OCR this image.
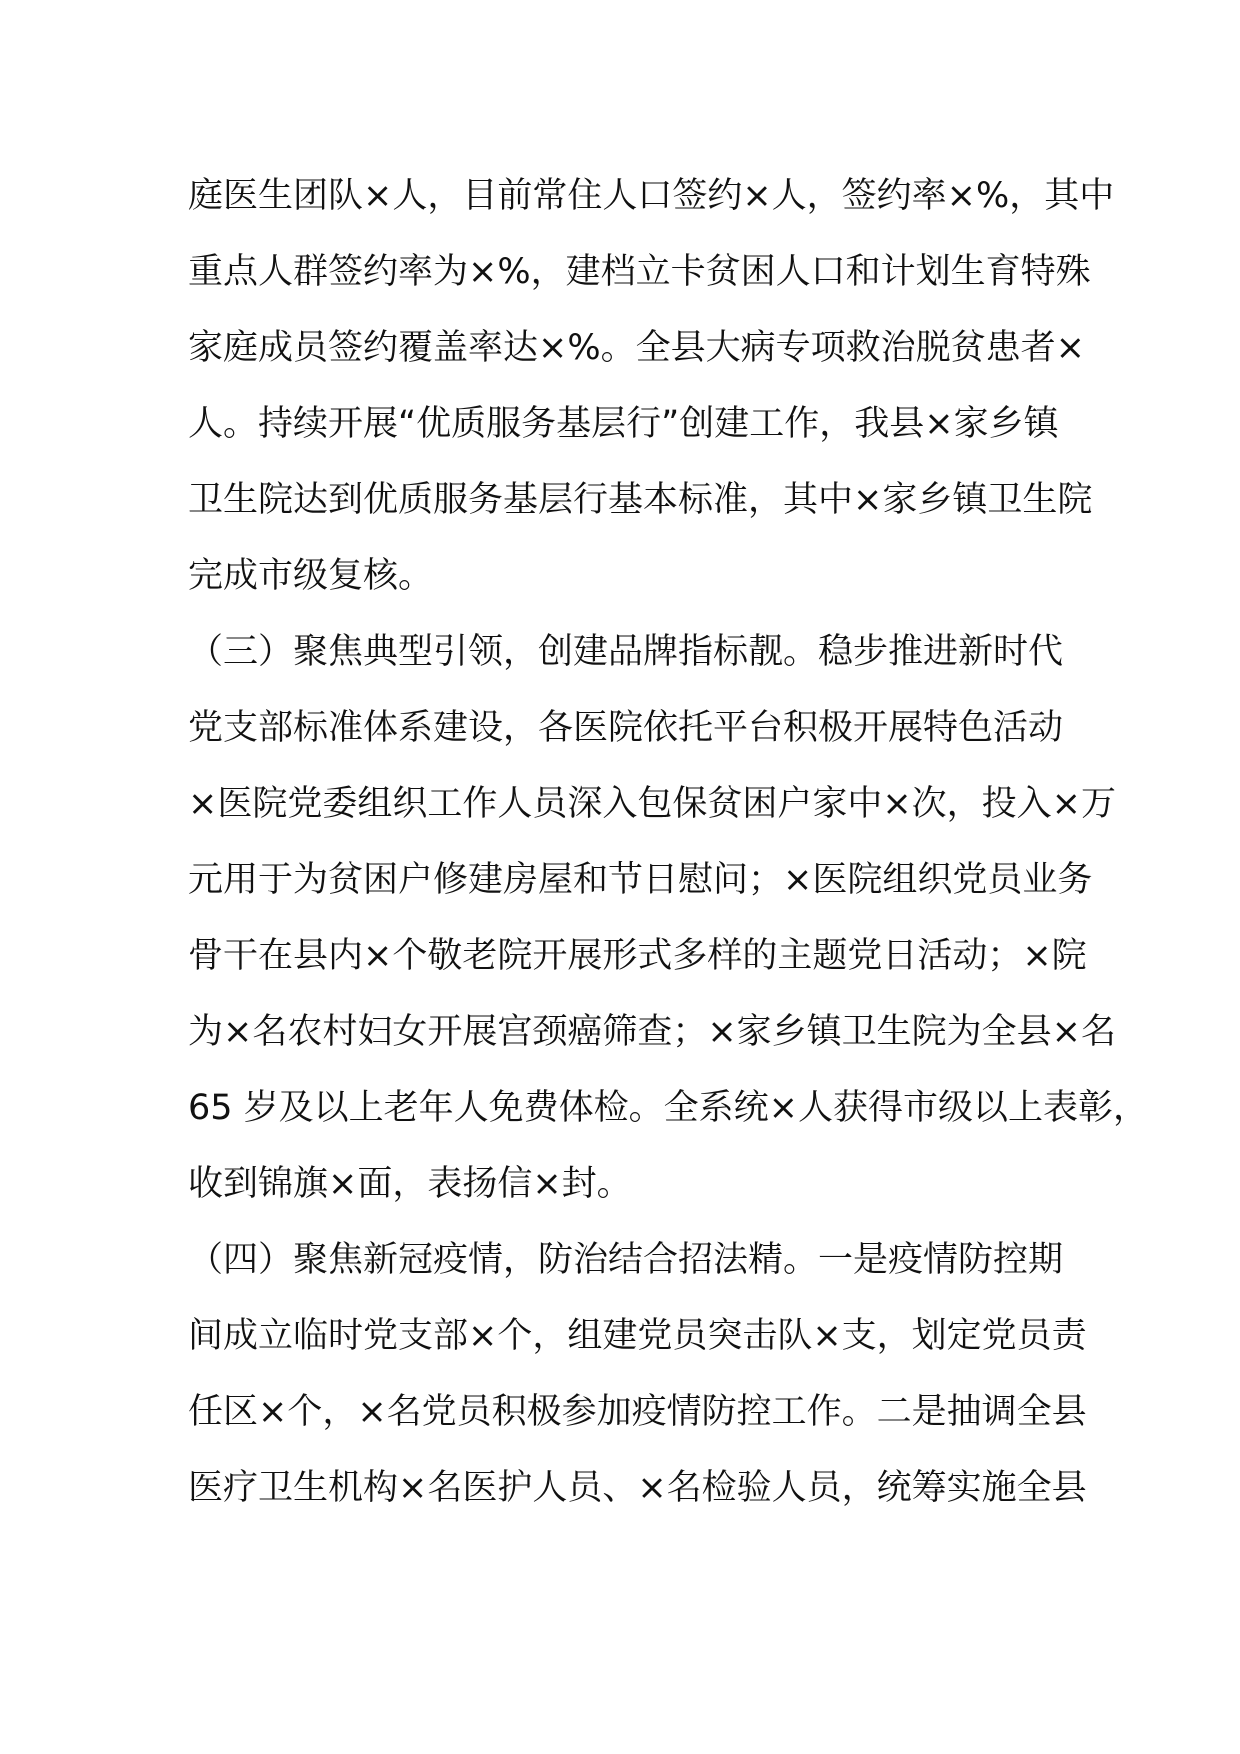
庭医生团队×人，目前常住人口签约×人，签约率×%，其中
重点人群签约率为×%，建档立卡贫困人口和计划生育特殊
家庭成员签约覆盖率达×%。全县大病专项救治脱贫患者×
人。持续开展“优质服务基层行”创建工作，我县×家乡镇
卫生院达到优质服务基层行基本标准，其中×家乡镇卫生院
完成市级复核。
（三）聚焦典型引领，创建品牌指标靓。稳步推进新时代
党支部标准体系建设，各医院依托平台积极开展特色活动
×医院党委组织工作人员深入包保贫困户家中×次，投入×万
元用于为贫困户修建房屋和节日慰问；×医院组织党员业务
骨干在县内×个敬老院开展形式多样的主题党日活动；×院
为×名农村妇女开展宫颈癌筛查；×家乡镇卫生院为全县×名
65 岁及以上老年人免费体检。全系统×人获得市级以上表彰，
收到锦旗×面，表扬信×封。
（四）聚焦新冠疫情，防治结合招法精。一是疫情防控期
间成立临时党支部×个，组建党员突击队×支，划定党员责
任区×个，×名党员积极参加疫情防控工作。二是抽调全县
医疗卫生机构×名医护人员、×名检验人员，统筹实施全县
